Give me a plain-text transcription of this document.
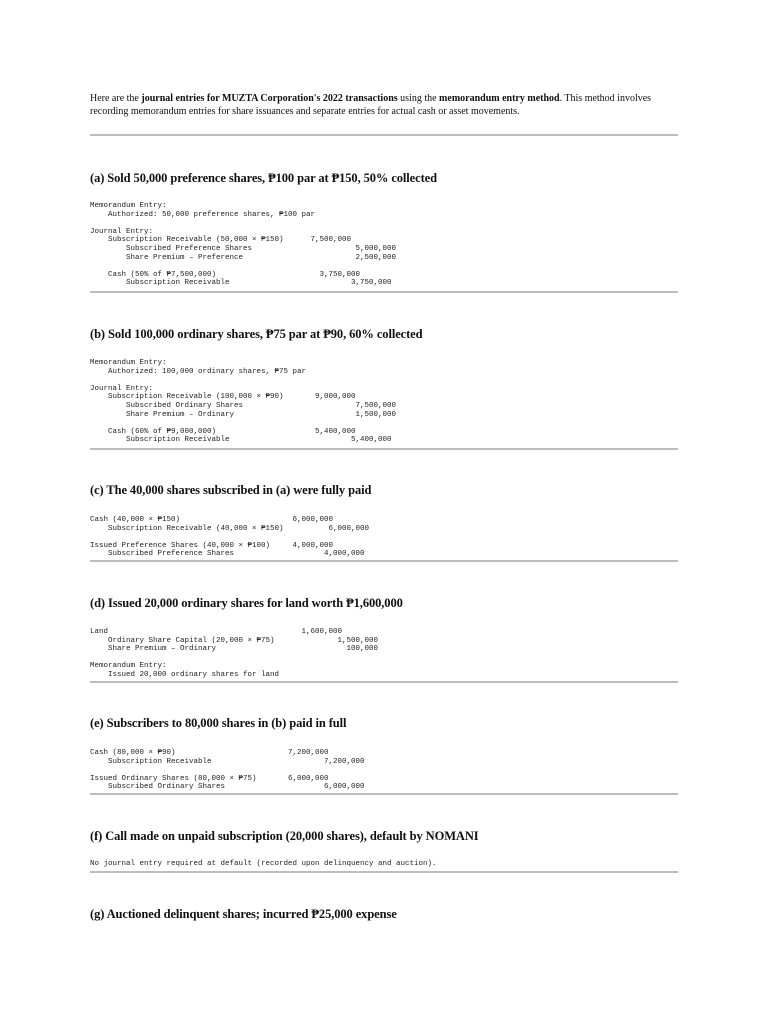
Here are the journal entries for MUZTA Corporation's 2022 transactions using the memorandum entry method. This method involves recording memorandum entries for share issuances and separate entries for actual cash or asset movements.

(a) Sold 50,000 preference shares, ₱100 par at ₱150, 50% collected
Memorandum Entry:
Authorized: 50,000 preference shares, ₱100 par

Journal Entry:
Subscription Receivable (50,000 × ₱150)      7,500,000
Subscribed Preference Shares                       5,000,000
Share Premium – Preference                         2,500,000

Cash (50% of ₱7,500,000)                       3,750,000
Subscription Receivable                           3,750,000
(b) Sold 100,000 ordinary shares, ₱75 par at ₱90, 60% collected
Memorandum Entry:
Authorized: 100,000 ordinary shares, ₱75 par

Journal Entry:
Subscription Receivable (100,000 × ₱90)       9,000,000
Subscribed Ordinary Shares                         7,500,000
Share Premium – Ordinary                           1,500,000

Cash (60% of ₱9,000,000)                      5,400,000
Subscription Receivable                           5,400,000
(c) The 40,000 shares subscribed in (a) were fully paid
Cash (40,000 × ₱150)                         6,000,000
Subscription Receivable (40,000 × ₱150)          6,000,000

Issued Preference Shares (40,000 × ₱100)     4,000,000
Subscribed Preference Shares                    4,000,000
(d) Issued 20,000 ordinary shares for land worth ₱1,600,000
Land                                           1,600,000
Ordinary Share Capital (20,000 × ₱75)              1,500,000
Share Premium – Ordinary                             100,000

Memorandum Entry:
Issued 20,000 ordinary shares for land
(e) Subscribers to 80,000 shares in (b) paid in full
Cash (80,000 × ₱90)                         7,200,000
Subscription Receivable                         7,200,000

Issued Ordinary Shares (80,000 × ₱75)       6,000,000
Subscribed Ordinary Shares                      6,000,000
(f) Call made on unpaid subscription (20,000 shares), default by NOMANI
No journal entry required at default (recorded upon delinquency and auction).
(g) Auctioned delinquent shares; incurred ₱25,000 expense
